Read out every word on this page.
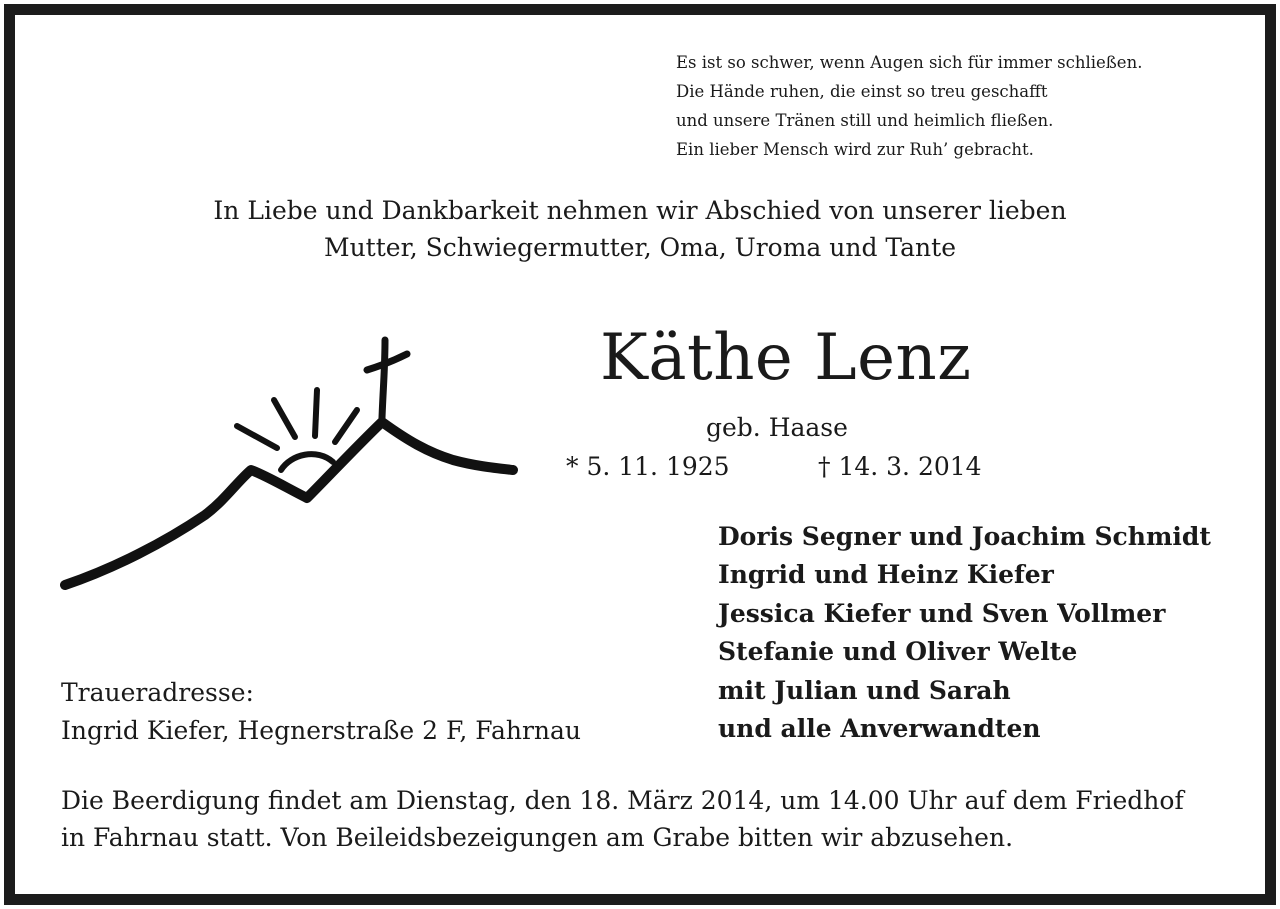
Es ist so schwer, wenn Augen sich für immer schließen.
Die Hände ruhen, die einst so treu geschafft
und unsere Tränen still und heimlich fließen.
Ein lieber Mensch wird zur Ruh’ gebracht.
In Liebe und Dankbarkeit nehmen wir Abschied von unserer lieben
Mutter, Schwiegermutter, Oma, Uroma und Tante
Käthe Lenz
geb. Haase
* 5. 11. 1925	† 14. 3. 2014
Doris Segner und Joachim Schmidt
Ingrid und Heinz Kiefer
Jessica Kiefer und Sven Vollmer
Stefanie und Oliver Welte
mit Julian und Sarah
und alle Anverwandten
Traueradresse:
Ingrid Kiefer, Hegnerstraße 2 F, Fahrnau
Die Beerdigung findet am Dienstag, den 18. März 2014, um 14.00 Uhr auf dem Friedhof
in Fahrnau statt. Von Beileidsbezeigungen am Grabe bitten wir abzusehen.
